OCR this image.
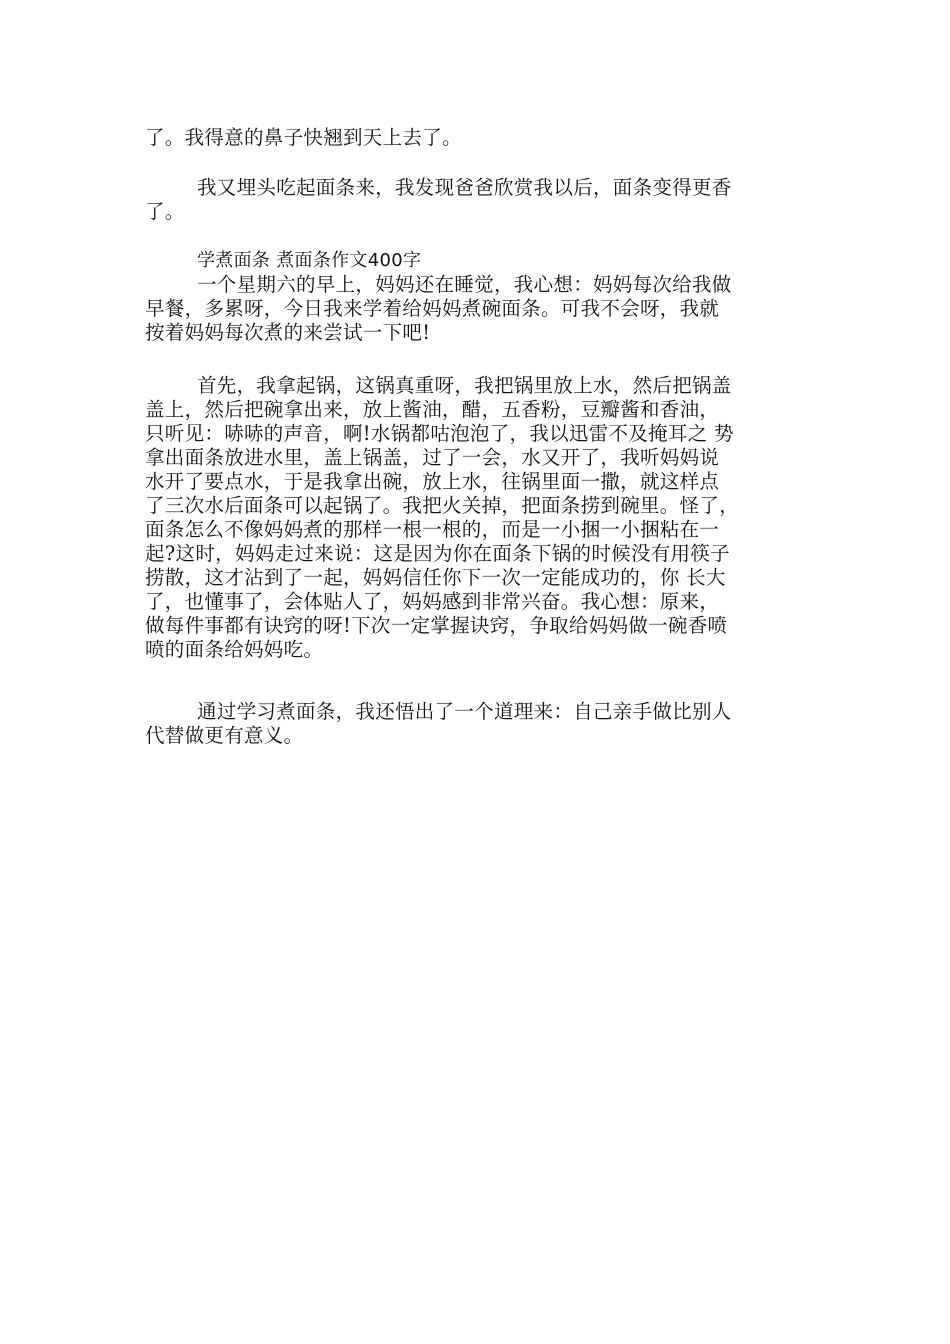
了。我得意的鼻子快翘到天上去了。
我又埋头吃起面条来，我发现爸爸欣赏我以后，面条变得更香
了。
学煮面条 煮面条作文400字
一个星期六的早上，妈妈还在睡觉，我心想：妈妈每次给我做
早餐，多累呀，今日我来学着给妈妈煮碗面条。可我不会呀，我就
按着妈妈每次煮的来尝试一下吧!
首先，我拿起锅，这锅真重呀，我把锅里放上水，然后把锅盖
盖上，然后把碗拿出来，放上酱油，醋，五香粉，豆瓣酱和香油，
只听见：哧哧的声音，啊!水锅都咕泡泡了，我以迅雷不及掩耳之 势
拿出面条放进水里，盖上锅盖，过了一会，水又开了，我听妈妈说
水开了要点水，于是我拿出碗，放上水，往锅里面一撒，就这样点
了三次水后面条可以起锅了。我把火关掉，把面条捞到碗里。怪了，
面条怎么不像妈妈煮的那样一根一根的，而是一小捆一小捆粘在一
起?这时，妈妈走过来说：这是因为你在面条下锅的时候没有用筷子
捞散，这才沾到了一起，妈妈信任你下一次一定能成功的，你 长大
了，也懂事了，会体贴人了，妈妈感到非常兴奋。我心想：原来，
做每件事都有诀窍的呀!下次一定掌握诀窍，争取给妈妈做一碗香喷
喷的面条给妈妈吃。
通过学习煮面条，我还悟出了一个道理来：自己亲手做比别人
代替做更有意义。
